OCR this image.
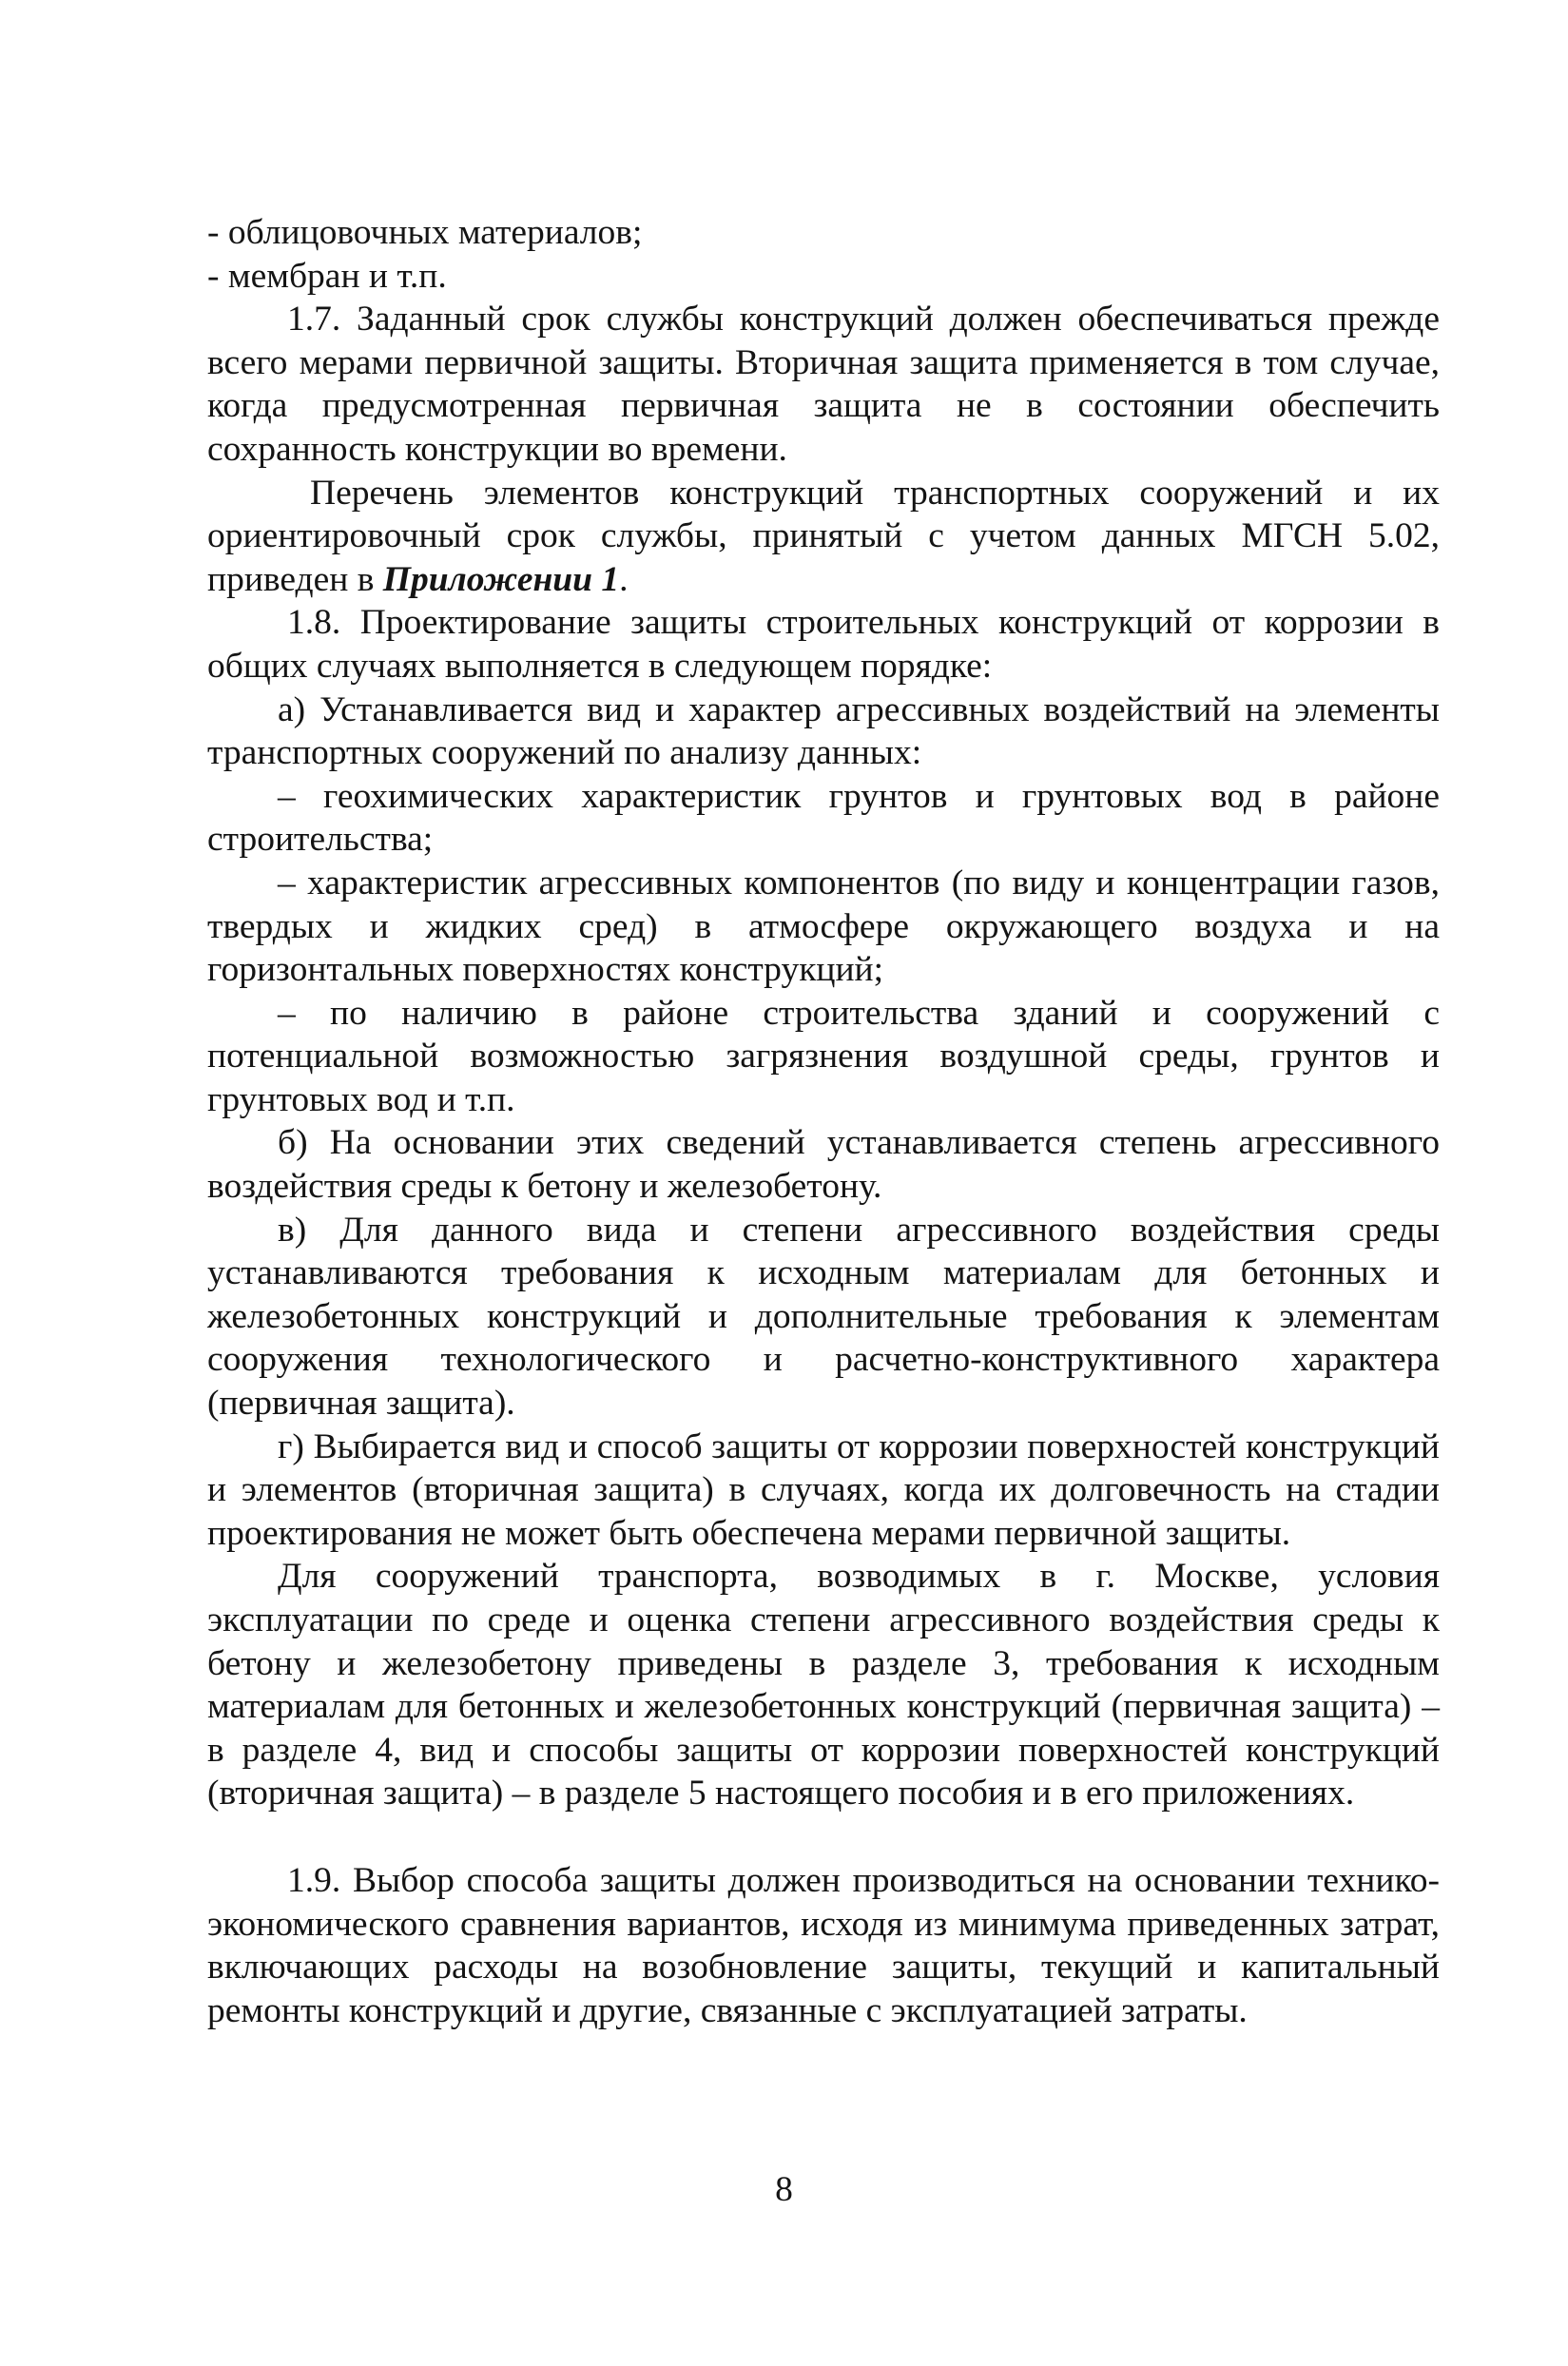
- облицовочных материалов;

- мембран и т.п.

1.7. Заданный срок службы конструкций должен обеспечиваться прежде всего мерами первичной защиты. Вторичная защита применяется в том случае, когда предусмотренная первичная защита не в состоянии обеспечить сохранность конструкции во времени.

Перечень элементов конструкций транспортных сооружений и их ориентировочный срок службы, принятый с учетом данных МГСН 5.02, приведен в Приложении 1.

1.8. Проектирование защиты строительных конструкций от коррозии в общих случаях выполняется в следующем порядке:

а) Устанавливается вид и характер агрессивных воздействий на элементы транспортных сооружений по анализу данных:

– геохимических характеристик грунтов и грунтовых вод в районе строительства;

– характеристик агрессивных компонентов (по виду и концентрации газов, твердых и жидких сред) в атмосфере окружающего воздуха и на горизонтальных поверхностях конструкций;

– по наличию в районе строительства зданий и сооружений с потенциальной возможностью загрязнения воздушной среды, грунтов и грунтовых вод и т.п.

б) На основании этих сведений устанавливается степень агрессивного воздействия среды к бетону и железобетону.

в) Для данного вида и степени агрессивного воздействия среды устанавливаются требования к исходным материалам для бетонных и железобетонных конструкций и дополнительные требования к элементам сооружения технологического и расчетно-конструктивного характера (первичная защита).

г) Выбирается вид и способ защиты от коррозии поверхностей конструкций и элементов (вторичная защита) в случаях, когда их долговечность на стадии проектирования не может быть обеспечена мерами первичной защиты.

Для сооружений транспорта, возводимых в г. Москве, условия эксплуатации по среде и оценка степени агрессивного воздействия среды к бетону и железобетону приведены в разделе 3, требования к исходным материалам для бетонных и железобетонных конструкций (первичная защита) – в разделе 4, вид и способы защиты от коррозии поверхностей конструкций (вторичная защита) – в разделе 5 настоящего пособия и в его приложениях.

1.9. Выбор способа защиты должен производиться на основании технико-экономического сравнения вариантов, исходя из минимума приведенных затрат, включающих расходы на возобновление защиты, текущий и капитальный ремонты конструкций и другие, связанные с эксплуатацией затраты.

8
